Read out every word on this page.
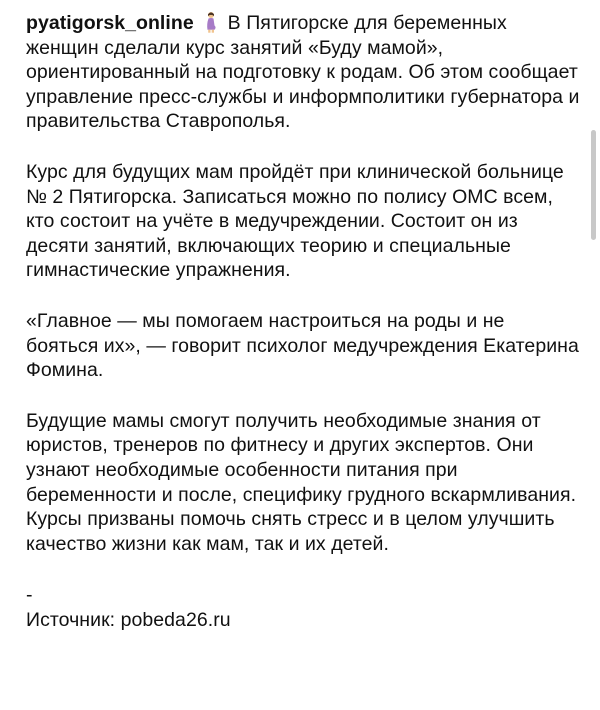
pyatigorsk_online В Пятигорске для беременных женщин сделали курс занятий «Буду мамой», ориентированный на подготовку к родам. Об этом сообщает управление пресс-службы и информполитики губернатора и правительства Ставрополья.

Курс для будущих мам пройдёт при клинической больнице № 2 Пятигорска. Записаться можно по полису ОМС всем, кто состоит на учёте в медучреждении. Состоит он из десяти занятий, включающих теорию и специальные гимнастические упражнения.

«Главное — мы помогаем настроиться на роды и не бояться их», — говорит психолог медучреждения Екатерина Фомина.

Будущие мамы смогут получить необходимые знания от юристов, тренеров по фитнесу и других экспертов. Они узнают необходимые особенности питания при беременности и после, специфику грудного вскармливания. Курсы призваны помочь снять стресс и в целом улучшить качество жизни как мам, так и их детей.

-
Источник: pobeda26.ru
